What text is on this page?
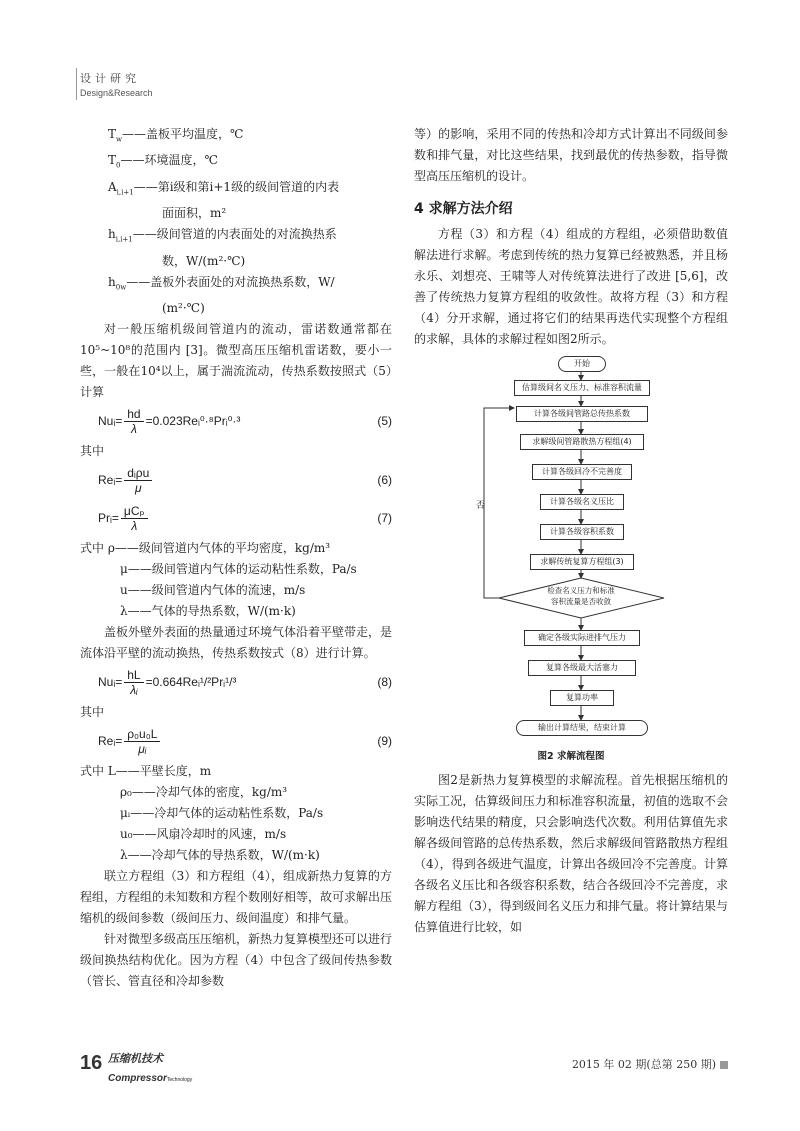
设计研究
Design&Research
$T_w——$盖板平均温度，℃
$T_0——$环境温度，℃
$A_{i,i+1}——$第i级和第i+1级的级间管道的内表
面面积，m²
$h_{i,i+1}——$级间管道的内表面处的对流换热系
数，W/(m²·℃)
$h_{0w}——$盖板外表面处的对流换热系数，W/
(m²·℃)

对一般压缩机级间管道内的流动，雷诺数通常都在10⁵~10⁸的范围内 [3]。微型高压压缩机雷诺数，要小一些，一般在10⁴以上，属于湍流流动，传热系数按照式（5）计算

Nuᵢ= $\frac{hd}{\lambda}$ =0.023Reᵢ⁰·⁸Prᵢ⁰·³	(5)

其中

Reᵢ= $\frac{\text{dᵢρu}}{\mu}$	(6)
Prᵢ= $\frac{\text{μCₚ}}{\lambda}$	(7)
式中 ρ——级间管道内气体的平均密度，kg/m³
μ——级间管道内气体的运动粘性系数，Pa/s
u——级间管道内气体的流速，m/s
λ——气体的导热系数，W/(m·k)

盖板外壁外表面的热量通过环境气体沿着平壁带走，是流体沿平壁的流动换热，传热系数按式（8）进行计算。

Nuᵢ= $\frac{hL}{\text{λᵢ}}$ =0.664Reᵢ¹/²Prᵢ¹/³	(8)

其中

Reᵢ= $\frac{\text{ρ₀u₀L}}{\text{μᵢ}}$	(9)
式中 L——平壁长度，m
ρ₀——冷却气体的密度，kg/m³
μᵢ——冷却气体的运动粘性系数，Pa/s
u₀——风扇冷却时的风速，m/s
λ——冷却气体的导热系数，W/(m·k)

联立方程组（3）和方程组（4），组成新热力复算的方程组，方程组的未知数和方程个数刚好相等，故可求解出压缩机的级间参数（级间压力、级间温度）和排气量。

针对微型多级高压压缩机，新热力复算模型还可以进行级间换热结构优化。因为方程（4）中包含了级间传热参数（管长、管直径和冷却参数

等）的影响，采用不同的传热和冷却方式计算出不同级间参数和排气量，对比这些结果，找到最优的传热参数，指导微型高压压缩机的设计。

4 求解方法介绍

方程（3）和方程（4）组成的方程组，必须借助数值解法进行求解。考虑到传统的热力复算已经被熟悉，并且杨永乐、刘想亮、王啸等人对传统算法进行了改进 [5,6]，改善了传统热力复算方程组的收敛性。故将方程（3）和方程（4）分开求解，通过将它们的结果再迭代实现整个方程组的求解，具体的求解过程如图2所示。

开始
估算级间名义压力、标准容积流量
计算各级间管路总传热系数
求解级间管路散热方程组(4)
计算各级回冷不完善度
计算各级名义压比
计算各级容积系数
求解传统复算方程组(3)
检查名义压力和标准
容积流量是否收敛
否
确定各级实际进排气压力
复算各级最大活塞力
复算功率
输出计算结果，结束计算
图2 求解流程图

图2是新热力复算模型的求解流程。首先根据压缩机的实际工况，估算级间压力和标准容积流量，初值的选取不会影响迭代结果的精度，只会影响迭代次数。利用估算值先求解各级间管路的总传热系数，然后求解级间管路散热方程组（4），得到各级进气温度，计算出各级回冷不完善度。计算各级名义压比和各级容积系数，结合各级回冷不完善度，求解方程组（3），得到级间名义压力和排气量。将计算结果与估算值进行比较，如

16 压缩机技术
CompressorTechnology
2015 年 02 期(总第 250 期)
